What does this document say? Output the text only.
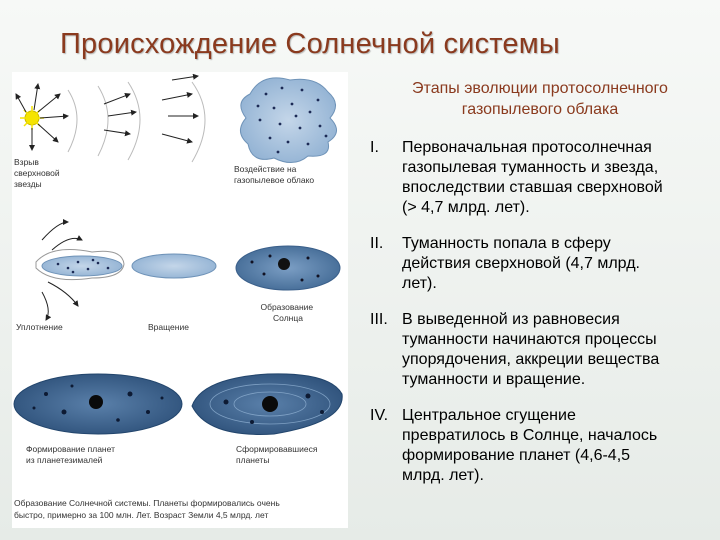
Происхождение Солнечной системы
Взрыв сверхновой звезды
Воздействие на газопылевое облако
Уплотнение	Вращение
Образование Солнца
Формирование планет из планетезималей
Сформировавшиеся планеты
Образование Солнечной системы. Планеты формировались очень быстро, примерно за 100 млн. Лет. Возраст Земли 4,5 млрд. лет
Этапы эволюции протосолнечного
газопылевого облака
I. Первоначальная протосолнечная
газопылевая туманность и звезда,
впоследствии ставшая сверхновой
(> 4,7 млрд. лет).
II. Туманность попала в сферу
действия сверхновой (4,7 млрд.
лет).
III. В выведенной из равновесия
туманности начинаются процессы
упорядочения, аккреции вещества
туманности и вращение.
IV. Центральное сгущение
превратилось в Солнце, началось
формирование планет (4,6-4,5
млрд. лет).
